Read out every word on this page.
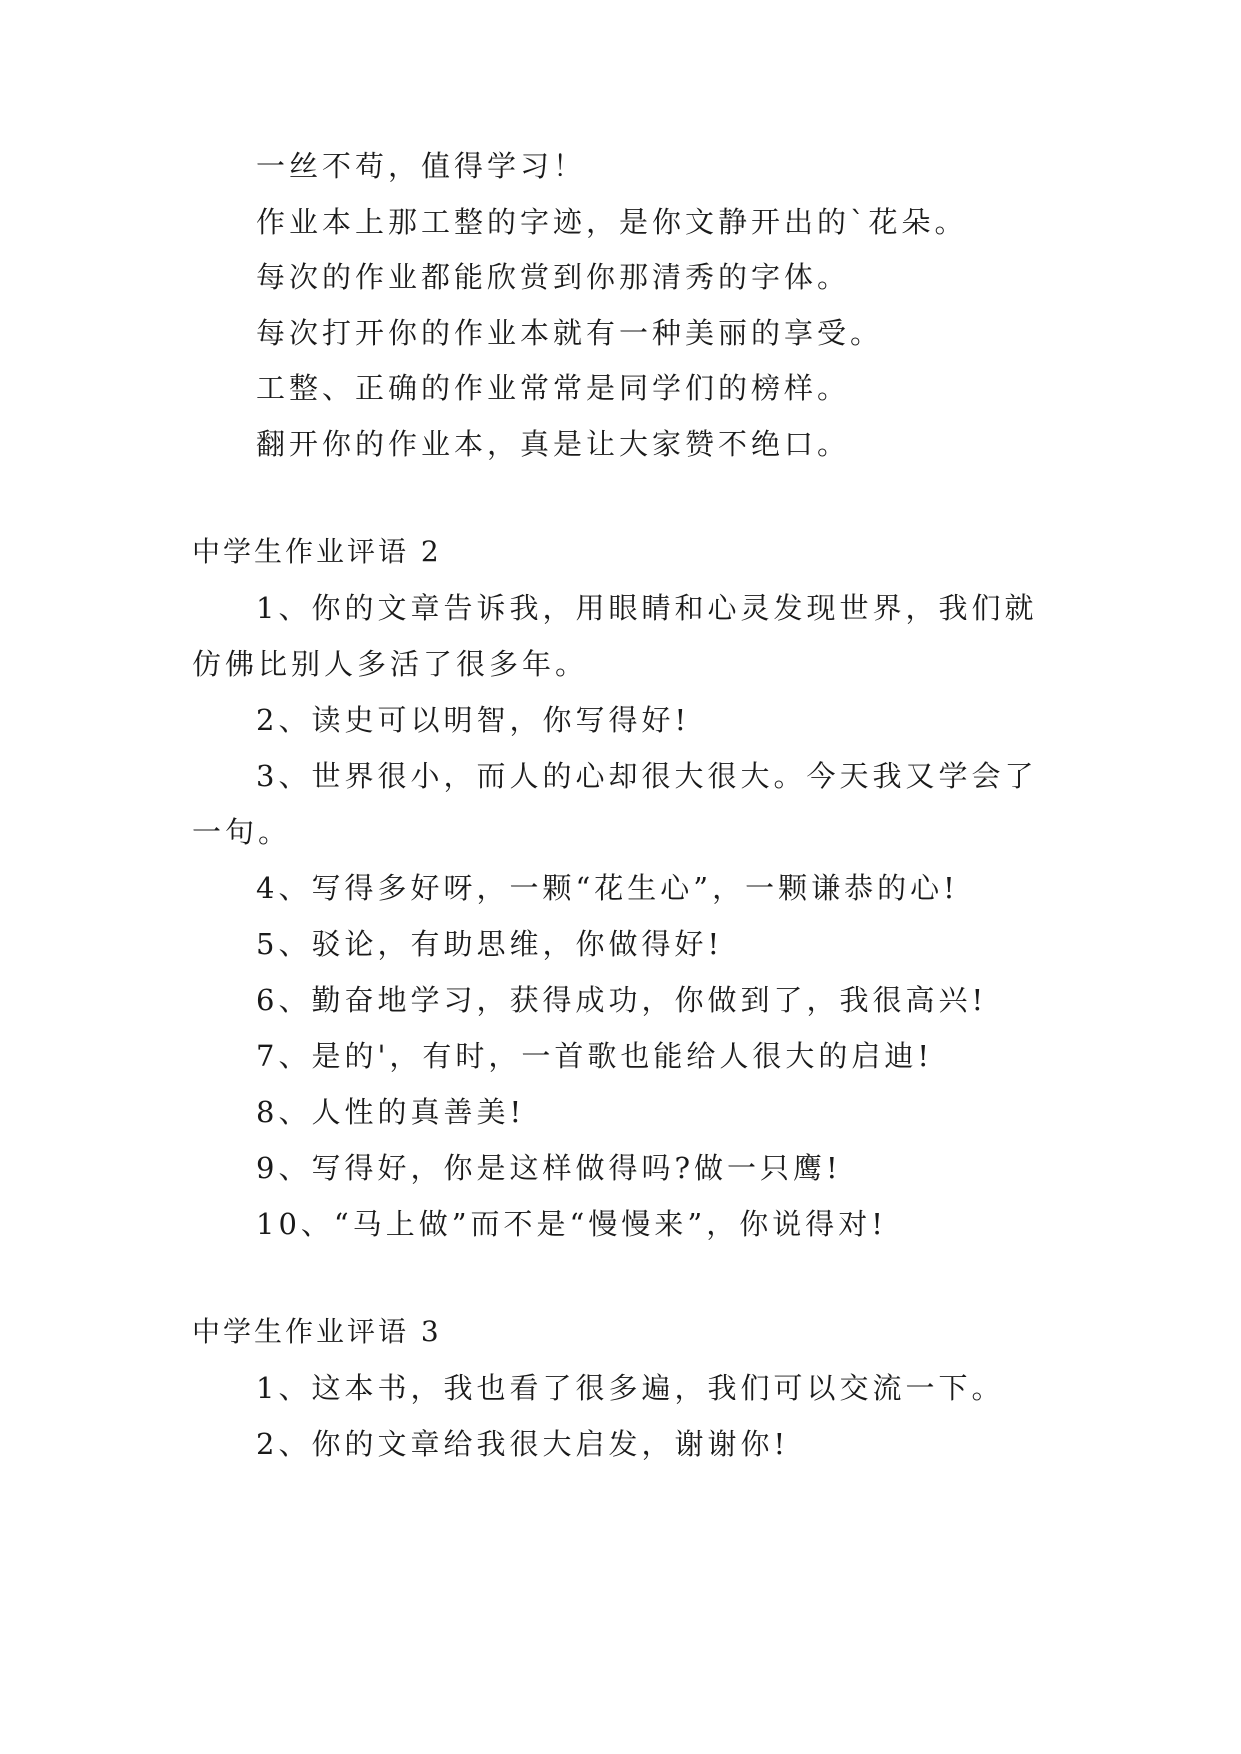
一丝不苟，值得学习！
作业本上那工整的字迹，是你文静开出的`花朵。
每次的作业都能欣赏到你那清秀的字体。
每次打开你的作业本就有一种美丽的享受。
工整、正确的作业常常是同学们的榜样。
翻开你的作业本，真是让大家赞不绝口。
中学生作业评语 2
1、你的文章告诉我，用眼睛和心灵发现世界，我们就
仿佛比别人多活了很多年。
2、读史可以明智，你写得好!
3、世界很小，而人的心却很大很大。今天我又学会了
一句。
4、写得多好呀，一颗“花生心”，一颗谦恭的心!
5、驳论，有助思维，你做得好!
6、勤奋地学习，获得成功，你做到了，我很高兴!
7、是的'，有时，一首歌也能给人很大的启迪!
8、人性的真善美!
9、写得好，你是这样做得吗?做一只鹰!
10、“马上做”而不是“慢慢来”，你说得对!
中学生作业评语 3
1、这本书，我也看了很多遍，我们可以交流一下。
2、你的文章给我很大启发，谢谢你!
